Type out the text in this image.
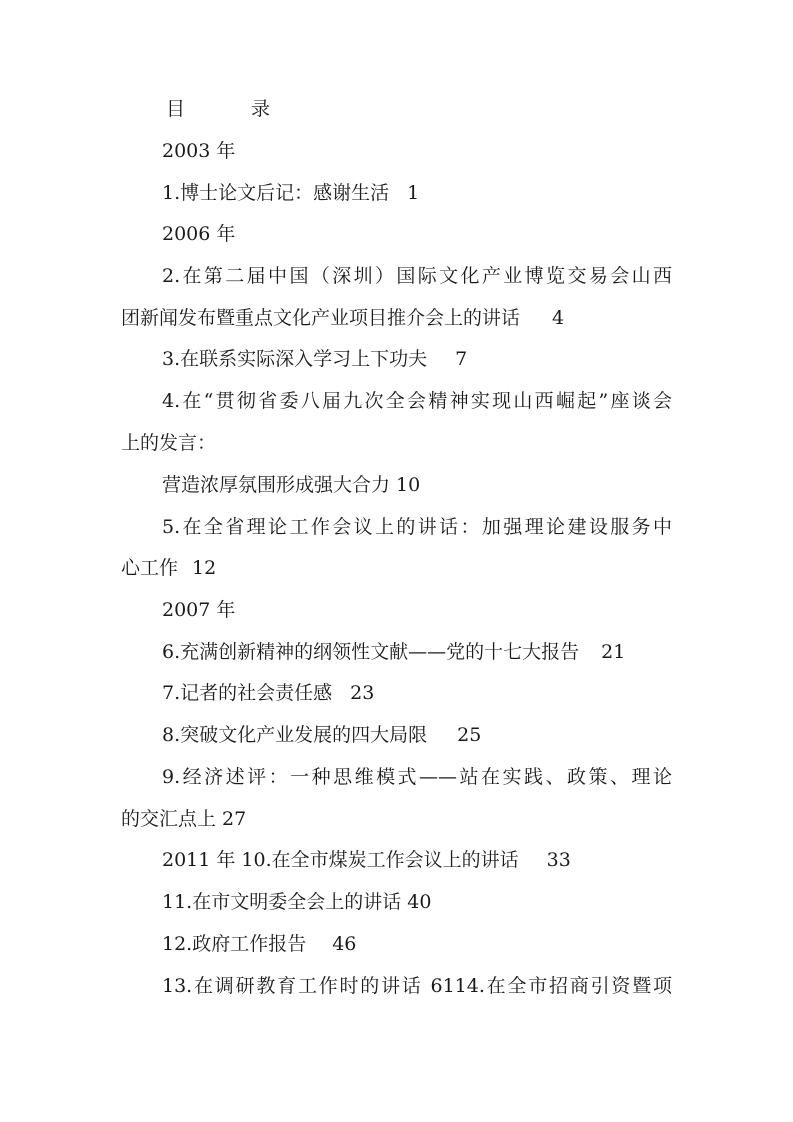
目 录
2003 年
1.博士论文后记：感谢生活 1
2006 年
2.在第二届中国（深圳）国际文化产业博览交易会山西
团新闻发布暨重点文化产业项目推介会上的讲话 4
3.在联系实际深入学习上下功夫 7
4.在“贯彻省委八届九次全会精神实现山西崛起”座谈会
上的发言：
营造浓厚氛围形成强大合力 10
5.在全省理论工作会议上的讲话：加强理论建设服务中
心工作 12
2007 年
6.充满创新精神的纲领性文献——党的十七大报告 21
7.记者的社会责任感 23
8.突破文化产业发展的四大局限 25
9.经济述评：一种思维模式——站在实践、政策、理论
的交汇点上 27
2011 年 10.在全市煤炭工作会议上的讲话 33
11.在市文明委全会上的讲话 40
12.政府工作报告 46
13.在调研教育工作时的讲话 6114.在全市招商引资暨项
